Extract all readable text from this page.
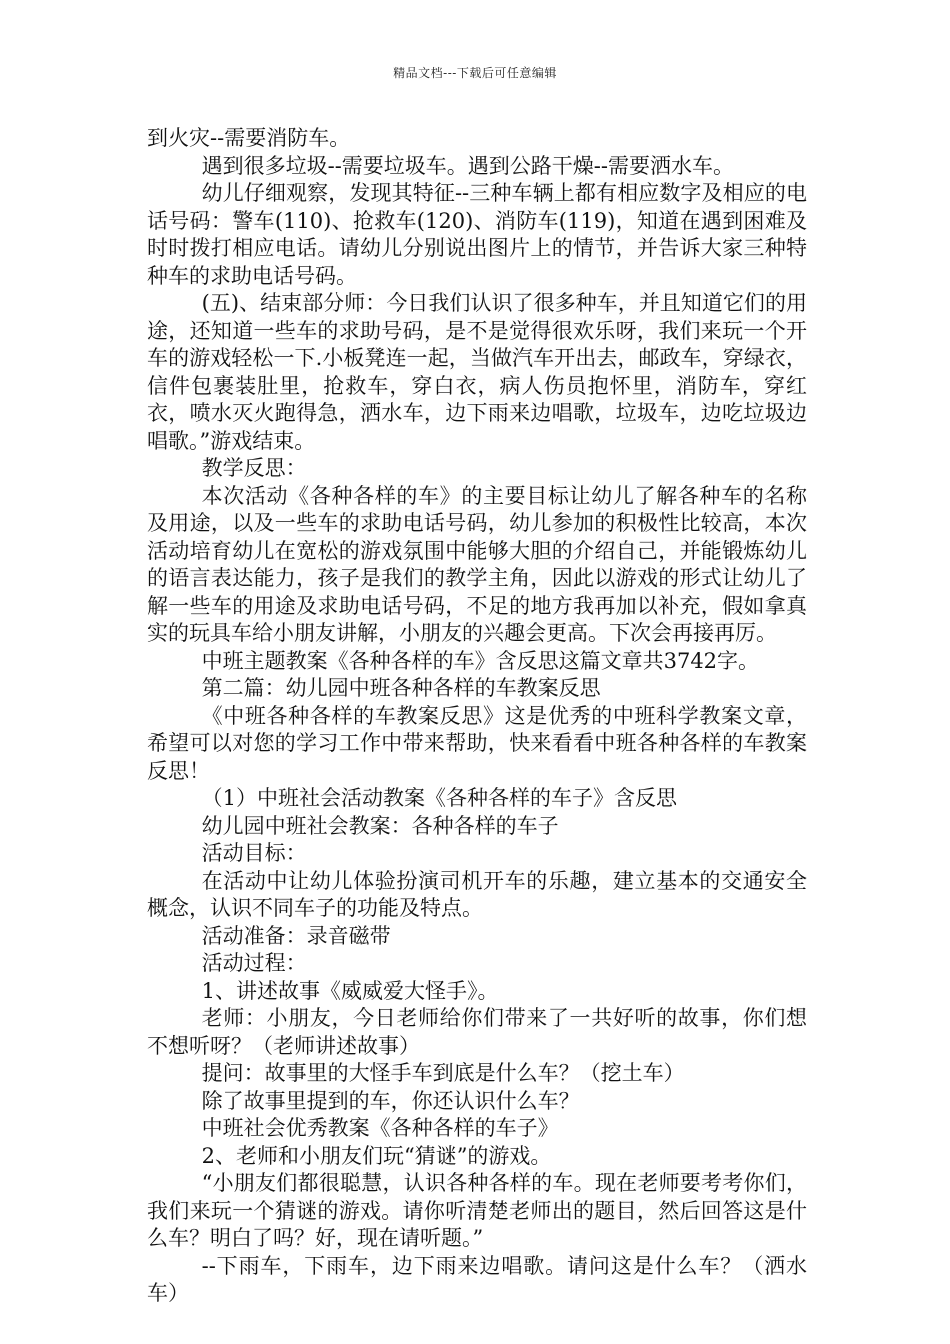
精品文档---下载后可任意编辑

到火灾--需要消防车。

遇到很多垃圾--需要垃圾车。遇到公路干燥--需要洒水车。

幼儿仔细观察，发现其特征--三种车辆上都有相应数字及相应的电话号码：警车(110)、抢救车(120)、消防车(119)，知道在遇到困难及时时拨打相应电话。请幼儿分别说出图片上的情节，并告诉大家三种特种车的求助电话号码。

(五)、结束部分师：今日我们认识了很多种车，并且知道它们的用途，还知道一些车的求助号码，是不是觉得很欢乐呀，我们来玩一个开车的游戏轻松一下.小板凳连一起，当做汽车开出去，邮政车，穿绿衣，信件包裹装肚里，抢救车，穿白衣，病人伤员抱怀里，消防车，穿红衣，喷水灭火跑得急，洒水车，边下雨来边唱歌，垃圾车，边吃垃圾边唱歌。”游戏结束。

教学反思：

本次活动《各种各样的车》的主要目标让幼儿了解各种车的名称及用途，以及一些车的求助电话号码，幼儿参加的积极性比较高，本次活动培育幼儿在宽松的游戏氛围中能够大胆的介绍自己，并能锻炼幼儿的语言表达能力，孩子是我们的教学主角，因此以游戏的形式让幼儿了解一些车的用途及求助电话号码，不足的地方我再加以补充，假如拿真实的玩具车给小朋友讲解，小朋友的兴趣会更高。下次会再接再厉。

中班主题教案《各种各样的车》含反思这篇文章共3742字。

第二篇：幼儿园中班各种各样的车教案反思

《中班各种各样的车教案反思》这是优秀的中班科学教案文章，希望可以对您的学习工作中带来帮助，快来看看中班各种各样的车教案反思！

（1）中班社会活动教案《各种各样的车子》含反思

幼儿园中班社会教案：各种各样的车子

活动目标：

在活动中让幼儿体验扮演司机开车的乐趣，建立基本的交通安全概念，认识不同车子的功能及特点。

活动准备：录音磁带

活动过程：

1、讲述故事《威威爱大怪手》。

老师：小朋友，今日老师给你们带来了一共好听的故事，你们想不想听呀？（老师讲述故事）

提问：故事里的大怪手车到底是什么车？（挖土车）

除了故事里提到的车，你还认识什么车？

中班社会优秀教案《各种各样的车子》

2、老师和小朋友们玩“猜谜”的游戏。

“小朋友们都很聪慧，认识各种各样的车。现在老师要考考你们，我们来玩一个猜谜的游戏。请你听清楚老师出的题目，然后回答这是什么车？明白了吗？好，现在请听题。”

--下雨车，下雨车，边下雨来边唱歌。请问这是什么车？（洒水车）
